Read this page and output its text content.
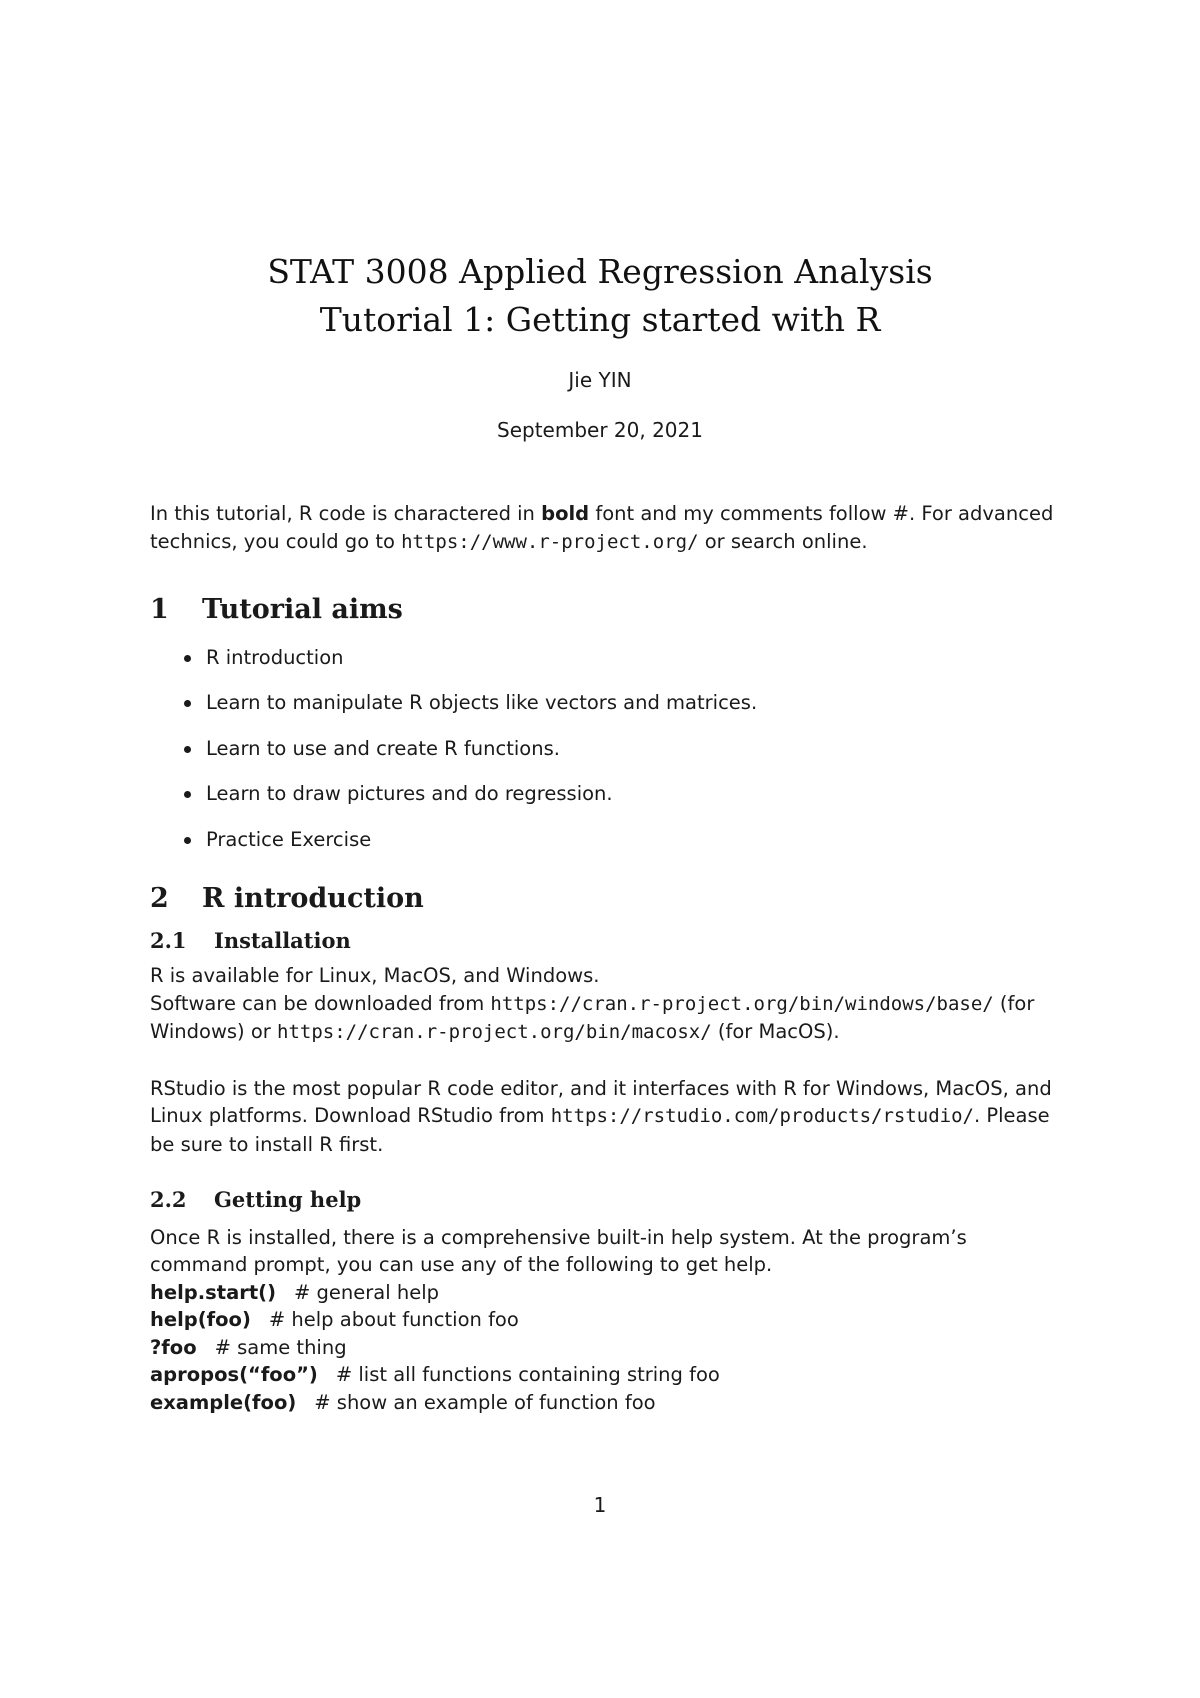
STAT 3008 Applied Regression Analysis
Tutorial 1: Getting started with R
Jie YIN
September 20, 2021

In this tutorial, R code is charactered in bold font and my comments follow #. For advanced technics, you could go to https://www.r-project.org/ or search online.

1	Tutorial aims
R introduction
Learn to manipulate R objects like vectors and matrices.
Learn to use and create R functions.
Learn to draw pictures and do regression.
Practice Exercise
2	R introduction
2.1	Installation

R is available for Linux, MacOS, and Windows.
Software can be downloaded from https://cran.r-project.org/bin/windows/base/ (for Windows) or https://cran.r-project.org/bin/macosx/ (for MacOS).

RStudio is the most popular R code editor, and it interfaces with R for Windows, MacOS, and Linux platforms. Download RStudio from https://rstudio.com/products/rstudio/. Please be sure to install R first.

2.2	Getting help

Once R is installed, there is a comprehensive built-in help system. At the program’s command prompt, you can use any of the following to get help.

help.start() # general help
help(foo) # help about function foo
?foo # same thing
apropos(“foo”) # list all functions containing string foo
example(foo) # show an example of function foo
1
